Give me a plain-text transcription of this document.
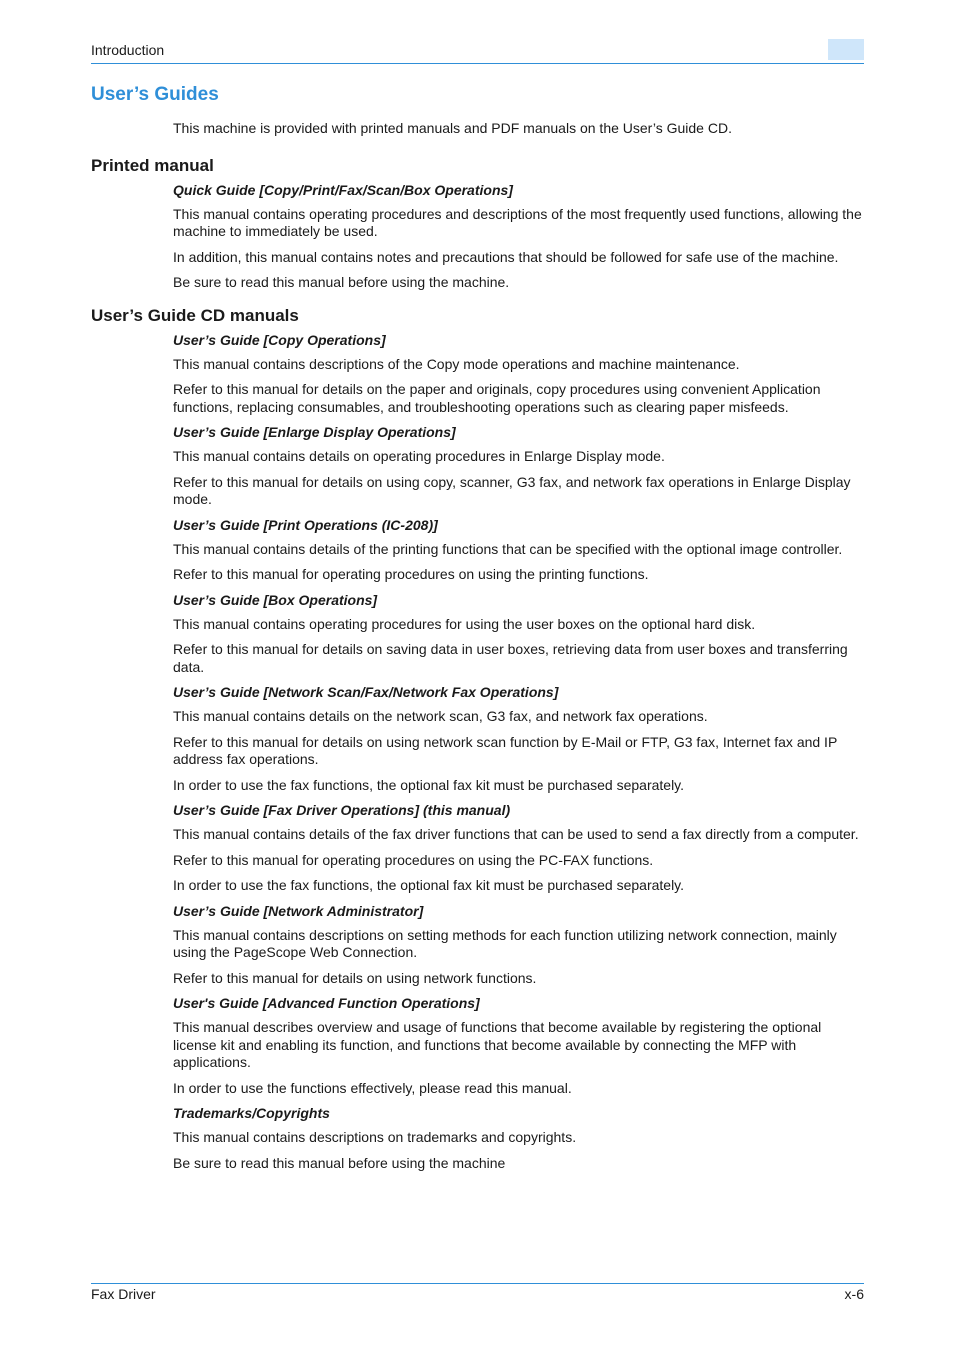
Introduction
User’s Guides

This machine is provided with printed manuals and PDF manuals on the User’s Guide CD.

Printed manual
Quick Guide [Copy/Print/Fax/Scan/Box Operations]

This manual contains operating procedures and descriptions of the most frequently used functions, allowing the machine to immediately be used.

In addition, this manual contains notes and precautions that should be followed for safe use of the machine.

Be sure to read this manual before using the machine.

User’s Guide CD manuals
User’s Guide [Copy Operations]

This manual contains descriptions of the Copy mode operations and machine maintenance.

Refer to this manual for details on the paper and originals, copy procedures using convenient Application functions, replacing consumables, and troubleshooting operations such as clearing paper misfeeds.

User’s Guide [Enlarge Display Operations]

This manual contains details on operating procedures in Enlarge Display mode.

Refer to this manual for details on using copy, scanner, G3 fax, and network fax operations in Enlarge Display mode.

User’s Guide [Print Operations (IC-208)]

This manual contains details of the printing functions that can be specified with the optional image controller.

Refer to this manual for operating procedures on using the printing functions.

User’s Guide [Box Operations]

This manual contains operating procedures for using the user boxes on the optional hard disk.

Refer to this manual for details on saving data in user boxes, retrieving data from user boxes and transferring data.

User’s Guide [Network Scan/Fax/Network Fax Operations]

This manual contains details on the network scan, G3 fax, and network fax operations.

Refer to this manual for details on using network scan function by E-Mail or FTP, G3 fax, Internet fax and IP address fax operations.

In order to use the fax functions, the optional fax kit must be purchased separately.

User’s Guide [Fax Driver Operations] (this manual)

This manual contains details of the fax driver functions that can be used to send a fax directly from a computer.

Refer to this manual for operating procedures on using the PC-FAX functions.

In order to use the fax functions, the optional fax kit must be purchased separately.

User’s Guide [Network Administrator]

This manual contains descriptions on setting methods for each function utilizing network connection, mainly using the PageScope Web Connection.

Refer to this manual for details on using network functions.

User's Guide [Advanced Function Operations]

This manual describes overview and usage of functions that become available by registering the optional license kit and enabling its function, and functions that become available by connecting the MFP with applications.

In order to use the functions effectively, please read this manual.

Trademarks/Copyrights

This manual contains descriptions on trademarks and copyrights.

Be sure to read this manual before using the machine

Fax Driver	x-6
